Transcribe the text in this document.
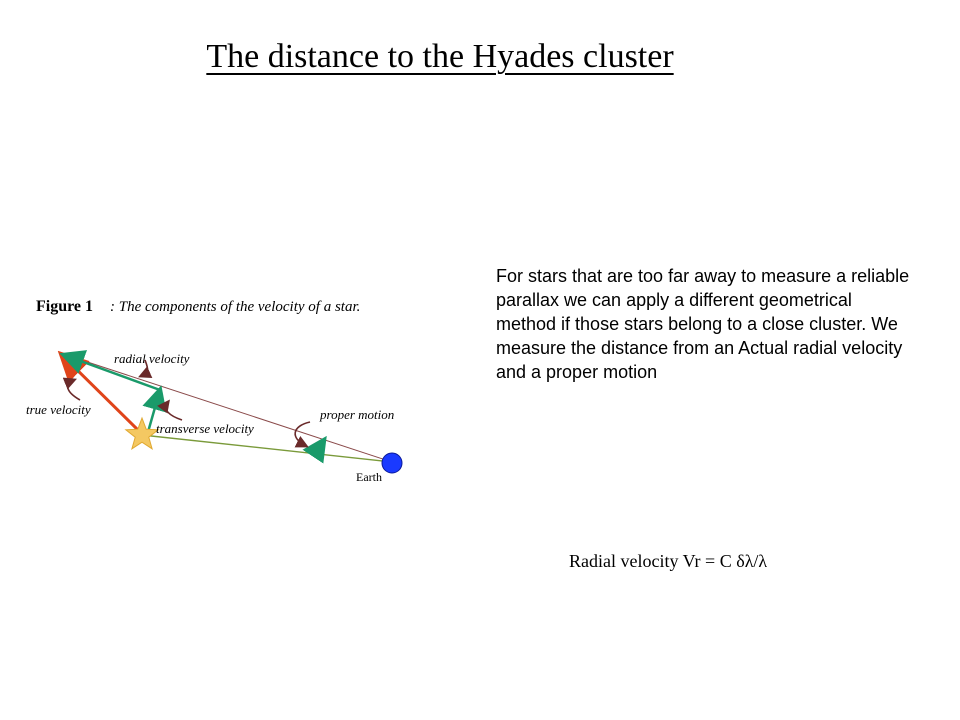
The distance to the Hyades cluster
Figure 1 : The components of the velocity of a star.
radial velocity
true velocity
transverse velocity
proper motion
Earth
For stars that are too far away to measure a reliable parallax we can apply a different geometrical method if those stars belong to a close cluster. We measure the distance from an Actual radial velocity and a proper motion
Radial velocity Vr = C δλ/λ
